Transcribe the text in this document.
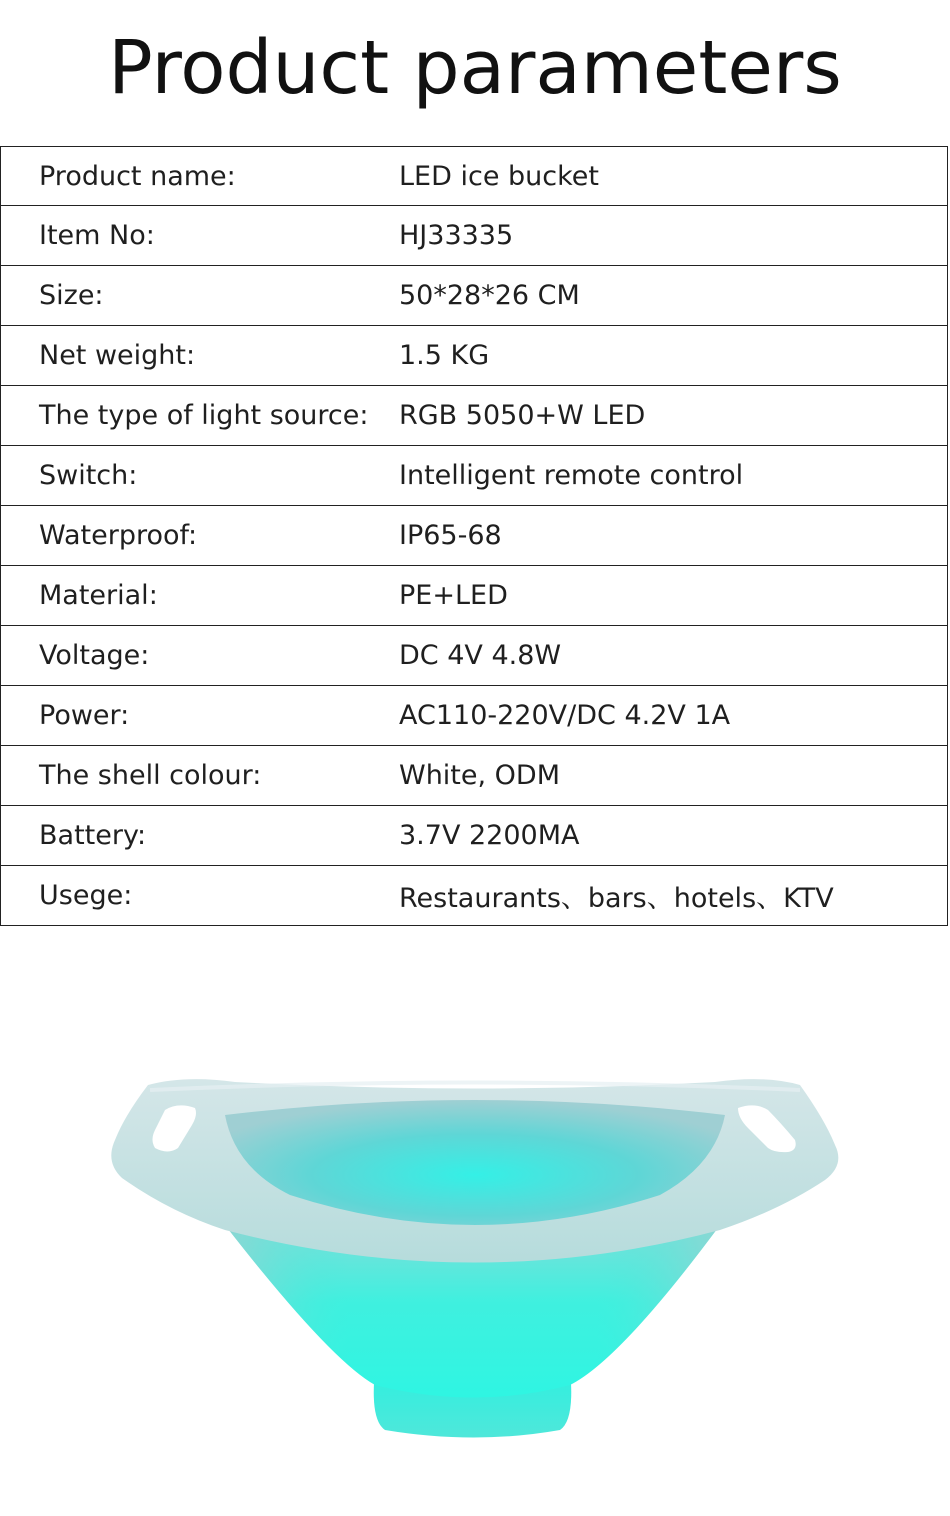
Product parameters
Product name:	LED ice bucket
Item No:	HJ33335
Size:	50*28*26 CM
Net weight:	1.5 KG
The type of light source:	RGB 5050+W LED
Switch:	Intelligent remote control
Waterproof:	IP65-68
Material:	PE+LED
Voltage:	DC 4V 4.8W
Power:	AC110-220V/DC 4.2V 1A
The shell colour:	White, ODM
Battery:	3.7V 2200MA
Usege:	Restaurants、bars、hotels、KTV
